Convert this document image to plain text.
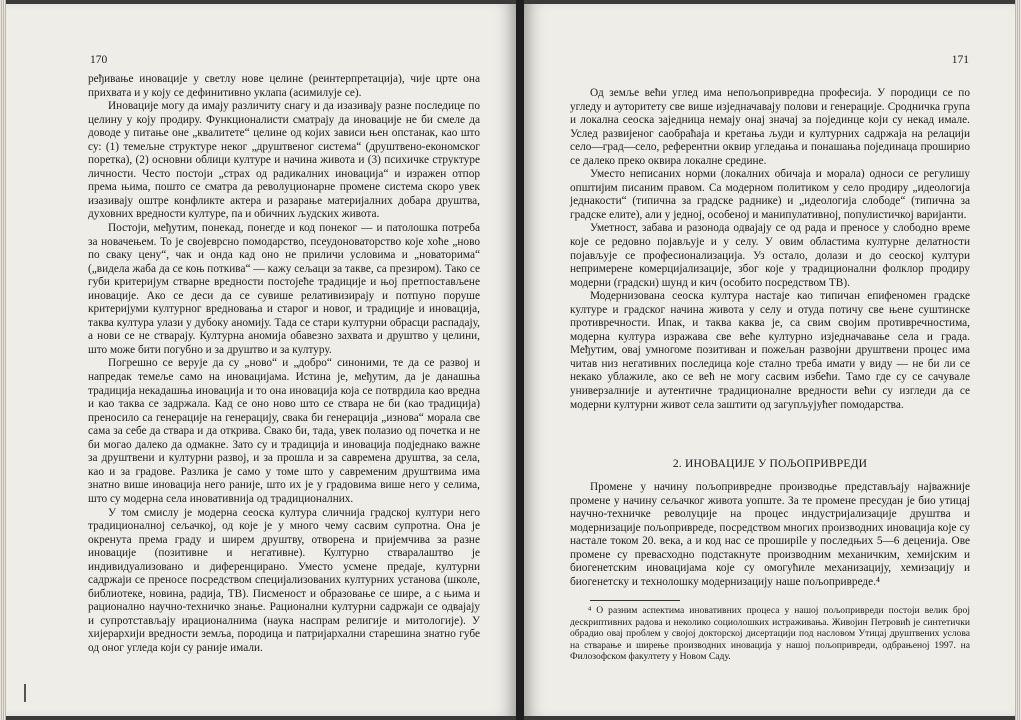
170

ређивање иновације у светлу нове целине (реинтерпретација), чије црте она прихвата и у коју се дефинитивно уклапа (асимилује се).

Иновације могу да имају различиту снагу и да изазивају разне последице по целину у коју продиру. Функционалисти сматрају да иновације не би смеле да доводе у питање оне „квалитете“ целине од којих зависи њен опстанак, као што су: (1) темељне структуре неког „друштвеног система“ (друштвено-економског поретка), (2) основни облици културе и начина живота и (3) психичке структуре личности. Често постоји „страх од радикалних иновација“ и изражен отпор према њима, пошто се сматра да револуционарне промене система скоро увек изазивају оштре конфликте актера и разарање материјалних добара друштва, духовних вредности културе, па и обичних људских живота.

Постоји, међутим, понекад, понегде и код понеког — и патолошка потреба за новачењем. То је својеврсно помодарство, псеудоноваторство које хоће „ново по сваку цену“, чак и онда кад оно не приличи условима и „новаторима“ („видела жаба да се коњ поткива“ — кажу сељаци за такве, са презиром). Тако се губи критеријум стварне вредности постојеће традиције и њој претпостављене иновације. Ако се деси да се сувише релативизирају и потпуно порушe критеријуми културног вредновања и старог и новог, и традиције и иновација, таква култура улази у дубоку аномију. Тада се стари културни обрасци распадају, а нови се не стварају. Културна аномија обавезно захвата и друштво у целини, што може бити погубно и за друштво и за културу.

Погрешно се верује да су „ново“ и „добро“ синоними, те да се развој и напредак темеље само на иновацијама. Истина је, међутим, да је данашња традиција некадашња иновација и то она иновација која се потврдила као вредна и као таква се задржала. Кад се оно ново што се ствара не би (као традиција) преносило са генерације на генерацију, свака би генерација „изнова“ морала све сама за себе да ствара и да открива. Свако би, тада, увек полазио од почетка и не би могао далеко да одмакне. Зато су и традиција и иновација подједнако важне за друштвени и културни развој, и за прошла и за савремена друштва, за села, као и за градове. Разлика је само у томе што у савременим друштвима има знатно више иновација него раније, што их је у градовима више него у селима, што су модерна села иновативнија од традиционалних.

У том смислу је модерна сеоска култура сличнија градској култури него традиционалној сељачкој, од које је у много чему сасвим супротна. Она је окренута према граду и ширем друштву, отворена и пријемчива за разне иновације (позитивне и негативне). Културно стваралаштво је индивидуализовано и диференцирано. Уместо усмене предаје, културни садржаји се преносе посредством специјализованих културних установа (школе, библиотеке, новина, радија, ТВ). Писменост и образовање се шире, а с њима и рационално научно-техничко знање. Рационални културни садржаји се одвајају и супротстављају ирационалнима (наука наспрам религије и митологије). У хијерархији вредности земља, породица и патријархални старешина знатно губе од оног угледа који су раније имали.

171

Од земље већи углед има непољопривредна професија. У породици се по угледу и ауторитету све више изједначавају полови и генерације. Сродничка група и локална сеоска заједница немају онај значај за појединце који су некад имале. Услед развијеног саобраћаја и кретања људи и културних садржаја на релацији село—град—село, референтни оквир угледања и понашања појединаца проширио се далеко преко оквира локалне средине.

Уместо неписаних норми (локалних обичаја и морала) односи се регулишу општијим писаним правом. Са модерном политиком у село продиру „идеологија једнакости“ (типична за градске раднике) и „идеологија слободе“ (типична за градске елите), али у једној, особеној и манипулативној, популистичкој варијанти.

Уметност, забава и разонода одвајају се од рада и преносе у слободно време које се редовно појављује и у селу. У овим областима културне делатности појављује се професионализација. Уз остало, долази и до сеоској култури непримерене комерцијализације, због које у традиционални фолклор продиру модерни (градски) шунд и кич (особито посредством ТВ).

Модернизована сеоска култура настаје као типичан епифеномен градске културе и градског начина живота у селу и отуда потичу све њене суштинске противречности. Ипак, и таква каква је, са свим својим противречностима, модерна култура изражава све веће културно изједначавање села и града. Међутим, овај умногоме позитиван и пожељан развојни друштвени процес има читав низ негативних последица које стално треба имати у виду — не би ли се некако ублажиле, ако се већ не могу сасвим избећи. Тамо где су се сачувале универзалније и аутентичне традиционалне вредности већи су изгледи да се модерни културни живот села заштити од загупљујућег помодарства.

2. ИНОВАЦИЈЕ У ПОЉОПРИВРЕДИ

Промене у начину пољопривредне производње представљају најважније промене у начину сељачког живота уопште. За те промене пресудан је био утицај научно-техничке револуције на процес индустријализације друштва и модернизације пољопривреде, посредством многих производних иновација које су настале током 20. века, а и код нас се проширile у последњих 5—6 деценија. Ове промене су превасходно подстакнуте производним механичким, хемијским и биогенетским иновацијама које су омогућиле механизацију, хемизацију и биогенетску и технолошку модернизацију наше пољопривреде.⁴

⁴ О разним аспектима иновативних процеса у нашој пољопривреди постоји велик број дескриптивних радова и неколико социолошких истраживања. Живојин Петровић је синтетички обрадио овај проблем у својој докторској дисертацији под насловом Утицај друштвених услова на стварање и ширење производних иновација у нашој пољопривреди, одбрањеној 1997. на Филозофском факултету у Новом Саду.
